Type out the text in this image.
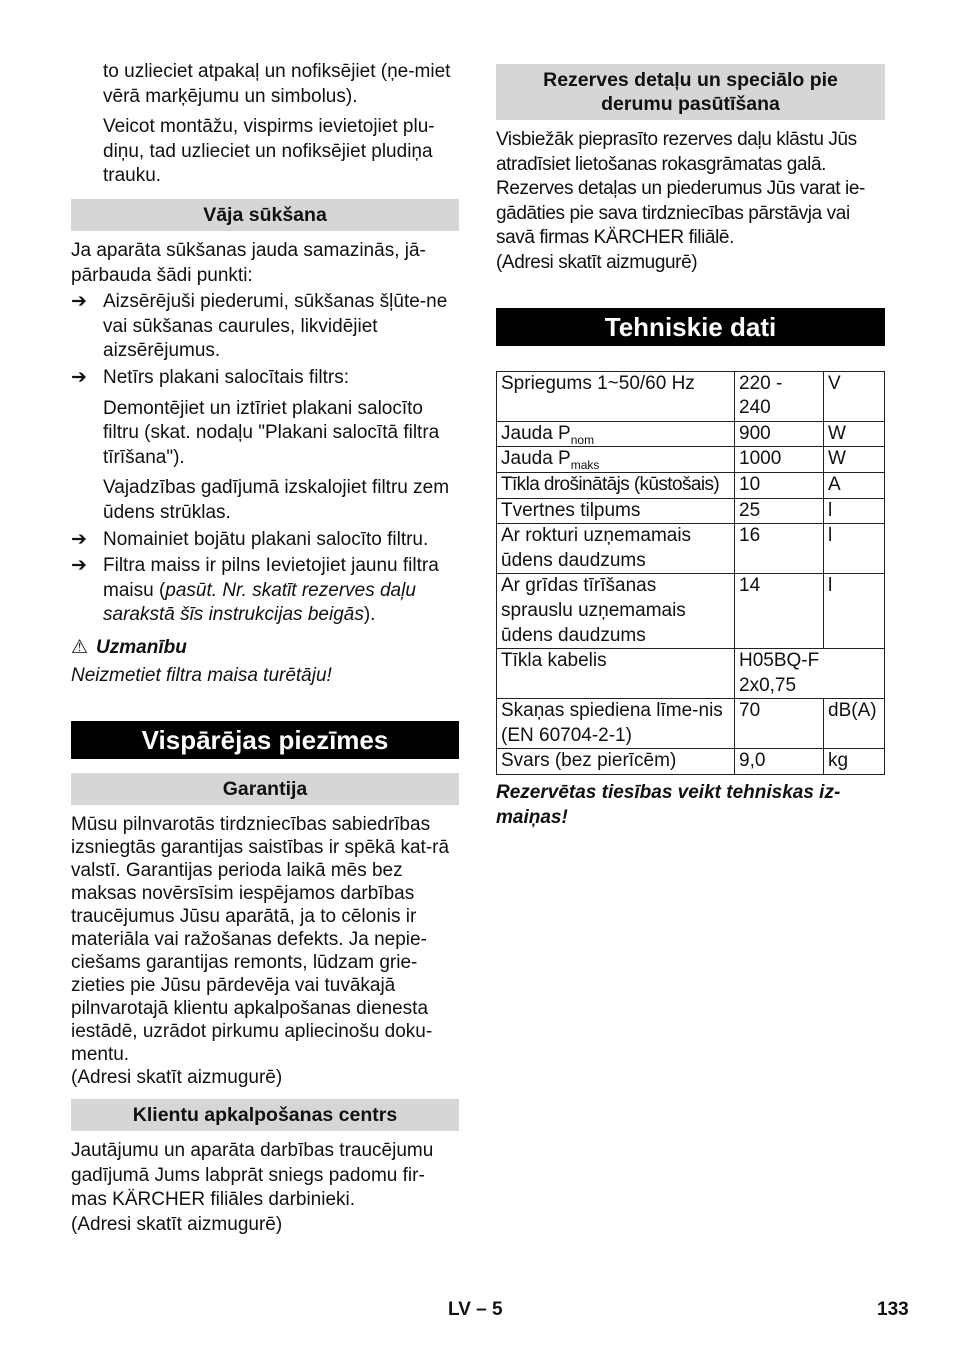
to uzlieciet atpakaļ un nofiksējiet (ņe-miet vērā marķējumu un simbolus).

Veicot montāžu, vispirms ievietojiet plu-diņu, tad uzlieciet un nofiksējiet pludiņa trauku.

Vāja sūkšana

Ja aparāta sūkšanas jauda samazinās, jā-pārbauda šādi punkti:

➔ Aizsērējuši piederumi, sūkšanas šļūte-ne vai sūkšanas caurules, likvidējiet aizsērējumus.
➔ Netīrs plakani salocītais filtrs:

Demontējiet un iztīriet plakani salocīto filtru (skat. nodaļu "Plakani salocītā filtra tīrīšana").

Vajadzības gadījumā izskalojiet filtru zem ūdens strūklas.

➔ Nomainiet bojātu plakani salocīto filtru.
➔ Filtra maiss ir pilns Ievietojiet jaunu filtra maisu (pasūt. Nr. skatīt rezerves daļu sarakstā šīs instrukcijas beigās).
⚠ Uzmanību

Neizmetiet filtra maisa turētāju!

Vispārējas piezīmes
Garantija

Mūsu pilnvarotās tirdzniecības sabiedrības izsniegtās garantijas saistības ir spēkā kat-rā valstī. Garantijas perioda laikā mēs bez maksas novērsīsim iespējamos darbības traucējumus Jūsu aparātā, ja to cēlonis ir materiāla vai ražošanas defekts. Ja nepie-ciešams garantijas remonts, lūdzam grie-zieties pie Jūsu pārdevēja vai tuvākajā pilnvarotajā klientu apkalpošanas dienesta iestādē, uzrādot pirkumu apliecinošu doku-mentu.

(Adresi skatīt aizmugurē)

Klientu apkalpošanas centrs

Jautājumu un aparāta darbības traucējumu gadījumā Jums labprāt sniegs padomu fir-mas KÄRCHER filiāles darbinieki.

(Adresi skatīt aizmugurē)

Rezerves detaļu un speciālo pie derumu pasūtīšana

Visbiežāk pieprasīto rezerves daļu klāstu Jūs atradīsiet lietošanas rokasgrāmatas galā.

Rezerves detaļas un piederumus Jūs varat ie-gādāties pie sava tirdzniecības pārstāvja vai savā firmas KÄRCHER filiālē.

(Adresi skatīt aizmugurē)

Tehniskie dati
Spriegums 1~50/60 Hz	220 - 240	V
Jauda $P_{nom}$	900	W
Jauda $P_{maks}$	1000	W
Tīkla drošinātājs (kūstošais)	10	A
Tvertnes tilpums	25	l
Ar rokturi uzņemamais ūdens daudzums	16	l
Ar grīdas tīrīšanas sprauslu uzņemamais ūdens daudzums	14	l
Tīkla kabelis	H05BQ-F 2x0,75	
Skaņas spiediena līme-nis (EN 60704-2-1)	70	dB(A)
Svars (bez pierīcēm)	9,0	kg

Rezervētas tiesības veikt tehniskas iz-maiņas!

LV – 5	133
